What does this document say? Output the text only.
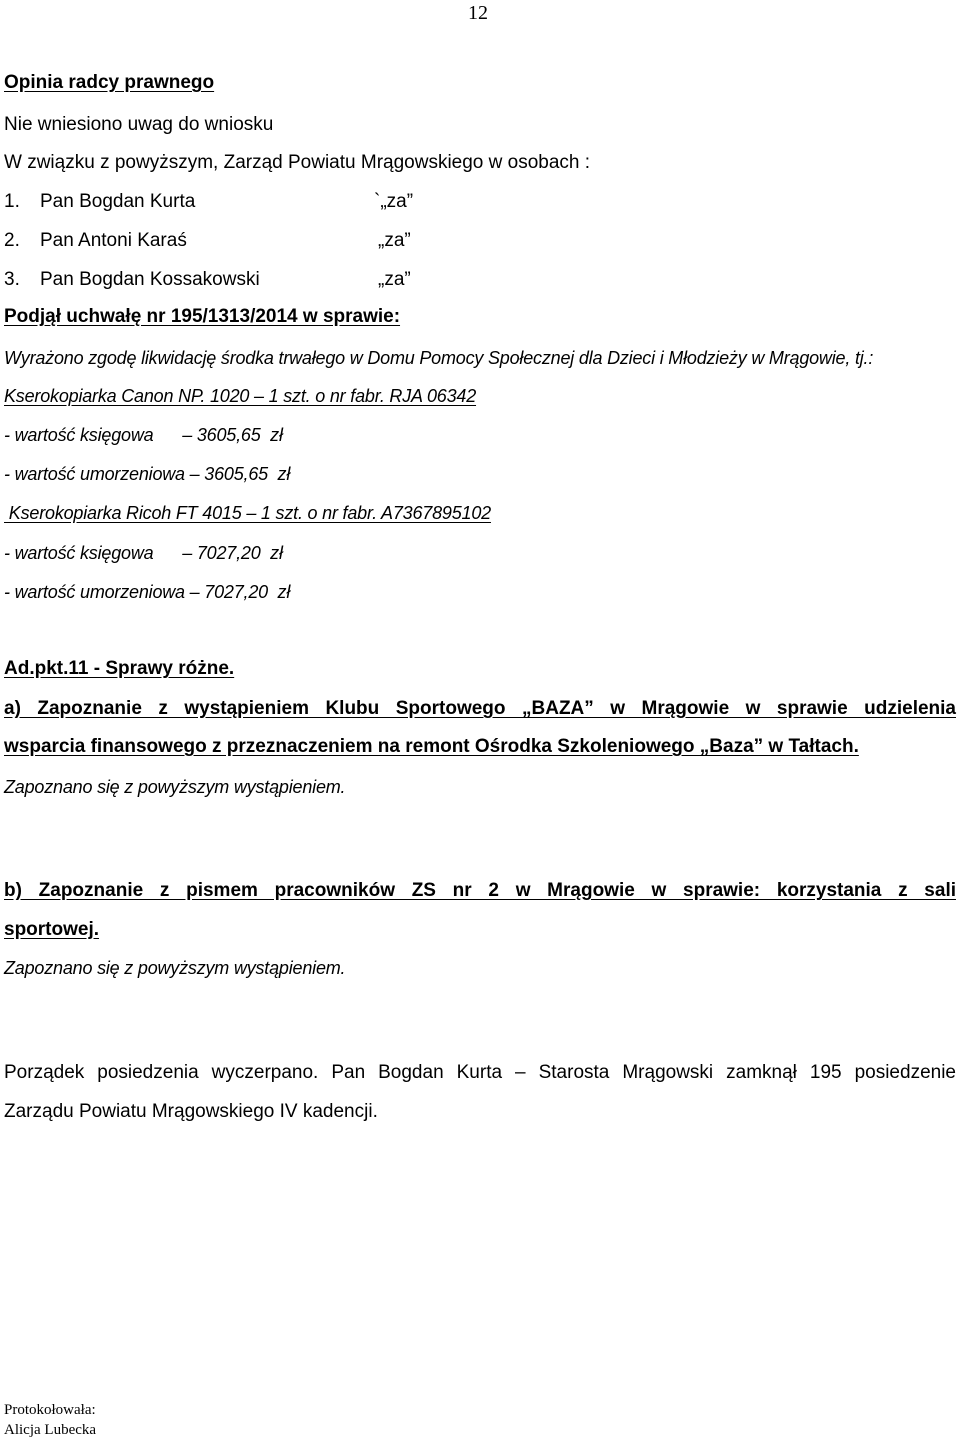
12
Opinia radcy prawnego
Nie wniesiono uwag do wniosku
W związku z powyższym, Zarząd Powiatu Mrągowskiego w osobach :
1. Pan Bogdan Kurta	`„za”
2. Pan Antoni Karaś	„za”
3. Pan Bogdan Kossakowski	„za”
Podjął uchwałę nr 195/1313/2014 w sprawie:
Wyrażono zgodę likwidację środka trwałego w Domu Pomocy Społecznej dla Dzieci i Młodzieży w Mrągowie, tj.:
Kserokopiarka Canon NP. 1020 – 1 szt. o nr fabr. RJA 06342
- wartość księgowa      – 3605,65  zł
- wartość umorzeniowa – 3605,65  zł
Kserokopiarka Ricoh FT 4015 – 1 szt. o nr fabr. A7367895102
- wartość księgowa      – 7027,20  zł
- wartość umorzeniowa – 7027,20  zł
Ad.pkt.11 - Sprawy różne.
a) Zapoznanie z wystąpieniem Klubu Sportowego „BAZA” w Mrągowie w sprawie udzielenia
wsparcia finansowego z przeznaczeniem na remont Ośrodka Szkoleniowego „Baza” w Tałtach.
Zapoznano się z powyższym wystąpieniem.
b) Zapoznanie z pismem pracowników ZS nr 2 w Mrągowie w sprawie: korzystania z sali
sportowej.
Zapoznano się z powyższym wystąpieniem.
Porządek posiedzenia wyczerpano. Pan Bogdan Kurta – Starosta Mrągowski zamknął 195 posiedzenie
Zarządu Powiatu Mrągowskiego IV kadencji.
Protokołowała:
Alicja Lubecka
